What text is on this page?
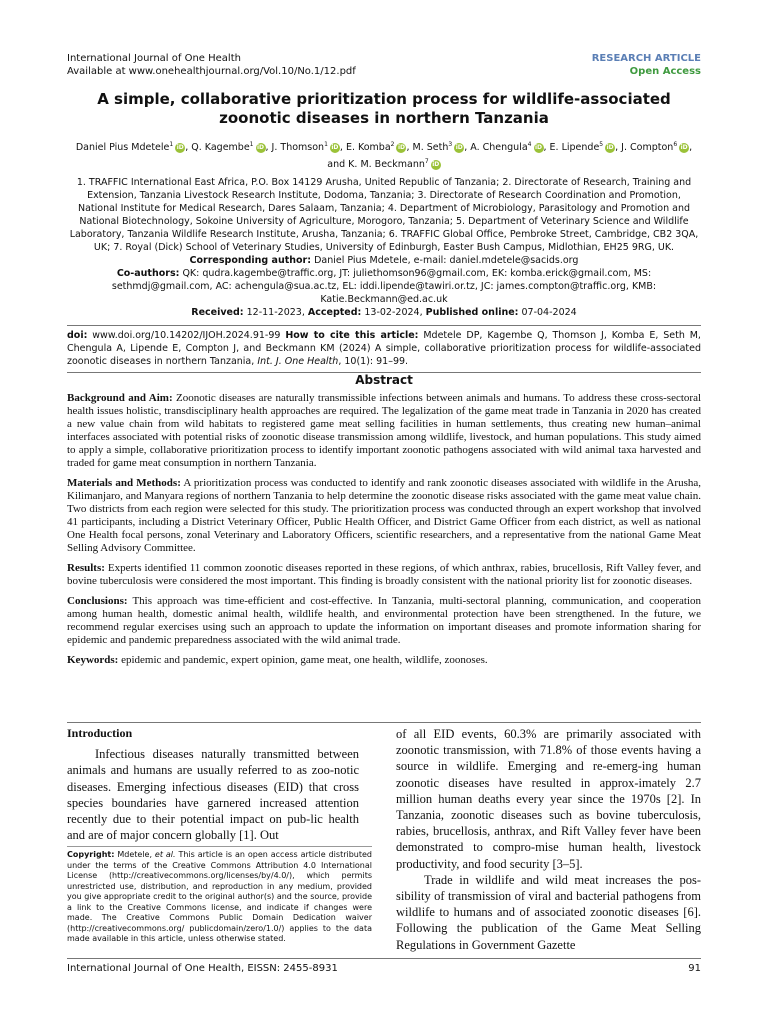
International Journal of One Health
Available at www.onehealthjournal.org/Vol.10/No.1/12.pdf
RESEARCH ARTICLE
Open Access
A simple, collaborative prioritization process for wildlife-associated zoonotic diseases in northern Tanzania
Daniel Pius Mdetele$^1$ iD, Q. Kagembe$^1$ iD, J. Thomson$^1$ iD, E. Komba$^2$ iD, M. Seth$^3$ iD, A. Chengula$^4$ iD, E. Lipende$^5$ iD, J. Compton$^6$ iD, and K. M. Beckmann$^7$ iD
1. TRAFFIC International East Africa, P.O. Box 14129 Arusha, United Republic of Tanzania; 2. Directorate of Research, Training and Extension, Tanzania Livestock Research Institute, Dodoma, Tanzania; 3. Directorate of Research Coordination and Promotion, National Institute for Medical Research, Dares Salaam, Tanzania; 4. Department of Microbiology, Parasitology and Promotion and National Biotechnology, Sokoine University of Agriculture, Morogoro, Tanzania; 5. Department of Veterinary Science and Wildlife Laboratory, Tanzania Wildlife Research Institute, Arusha, Tanzania; 6. TRAFFIC Global Office, Pembroke Street, Cambridge, CB2 3QA, UK; 7. Royal (Dick) School of Veterinary Studies, University of Edinburgh, Easter Bush Campus, Midlothian, EH25 9RG, UK.
Corresponding author: Daniel Pius Mdetele, e-mail: daniel.mdetele@sacids.org
Co-authors: QK: qudra.kagembe@traffic.org, JT: juliethomson96@gmail.com, EK: komba.erick@gmail.com, MS: sethmdj@gmail.com, AC: achengula@sua.ac.tz, EL: iddi.lipende@tawiri.or.tz, JC: james.compton@traffic.org, KMB: Katie.Beckmann@ed.ac.uk
Received: 12-11-2023, Accepted: 13-02-2024, Published online: 07-04-2024
doi: www.doi.org/10.14202/IJOH.2024.91-99 How to cite this article: Mdetele DP, Kagembe Q, Thomson J, Komba E, Seth M, Chengula A, Lipende E, Compton J, and Beckmann KM (2024) A simple, collaborative prioritization process for wildlife-associated zoonotic diseases in northern Tanzania, Int. J. One Health, 10(1): 91–99.
Abstract

Background and Aim: Zoonotic diseases are naturally transmissible infections between animals and humans. To address these cross-sectoral health issues holistic, transdisciplinary health approaches are required. The legalization of the game meat trade in Tanzania in 2020 has created a new value chain from wild habitats to registered game meat selling facilities in human settlements, thus creating new human–animal interfaces associated with potential risks of zoonotic disease transmission among wildlife, livestock, and human populations. This study aimed to apply a simple, collaborative prioritization process to identify important zoonotic pathogens associated with wild animal taxa harvested and traded for game meat consumption in northern Tanzania.

Materials and Methods: A prioritization process was conducted to identify and rank zoonotic diseases associated with wildlife in the Arusha, Kilimanjaro, and Manyara regions of northern Tanzania to help determine the zoonotic disease risks associated with the game meat value chain. Two districts from each region were selected for this study. The prioritization process was conducted through an expert workshop that involved 41 participants, including a District Veterinary Officer, Public Health Officer, and District Game Officer from each district, as well as national One Health focal persons, zonal Veterinary and Laboratory Officers, scientific researchers, and a representative from the national Game Meat Selling Advisory Committee.

Results: Experts identified 11 common zoonotic diseases reported in these regions, of which anthrax, rabies, brucellosis, Rift Valley fever, and bovine tuberculosis were considered the most important. This finding is broadly consistent with the national priority list for zoonotic diseases.

Conclusions: This approach was time-efficient and cost-effective. In Tanzania, multi-sectoral planning, communication, and cooperation among human health, domestic animal health, wildlife health, and environmental protection have been strengthened. In the future, we recommend regular exercises using such an approach to update the information on important diseases and promote information sharing for epidemic and pandemic preparedness associated with the wild animal trade.

Keywords: epidemic and pandemic, expert opinion, game meat, one health, wildlife, zoonoses.

Introduction

Infectious diseases naturally transmitted between animals and humans are usually referred to as zoo-notic diseases. Emerging infectious diseases (EID) that cross species boundaries have garnered increased attention recently due to their potential impact on pub-lic health and are of major concern globally [1]. Out

Copyright: Mdetele, et al. This article is an open access article distributed under the terms of the Creative Commons Attribution 4.0 International License (http://creativecommons.org/licenses/by/4.0/), which permits unrestricted use, distribution, and reproduction in any medium, provided you give appropriate credit to the original author(s) and the source, provide a link to the Creative Commons license, and indicate if changes were made. The Creative Commons Public Domain Dedication waiver (http://creativecommons.org/ publicdomain/zero/1.0/) applies to the data made available in this article, unless otherwise stated.

of all EID events, 60.3% are primarily associated with zoonotic transmission, with 71.8% of those events having a source in wildlife. Emerging and re-emerg-ing human zoonotic diseases have resulted in approx-imately 2.7 million human deaths every year since the 1970s [2]. In Tanzania, zoonotic diseases such as bovine tuberculosis, rabies, brucellosis, anthrax, and Rift Valley fever have been demonstrated to compro-mise human health, livestock productivity, and food security [3–5].

Trade in wildlife and wild meat increases the pos-sibility of transmission of viral and bacterial pathogens from wildlife to humans and of associated zoonotic diseases [6]. Following the publication of the Game Meat Selling Regulations in Government Gazette

International Journal of One Health, EISSN: 2455-8931	91
